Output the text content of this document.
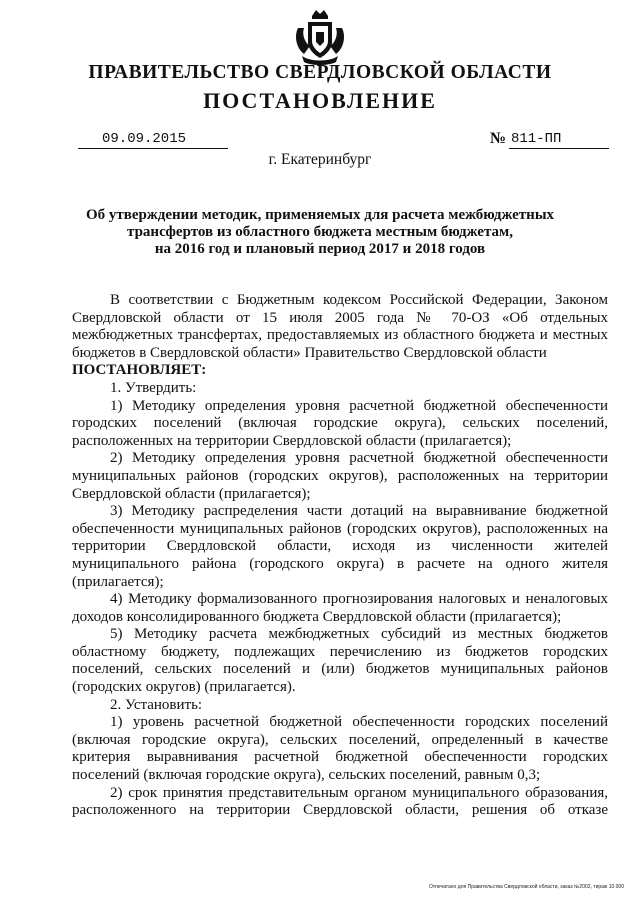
ПРАВИТЕЛЬСТВО СВЕРДЛОВСКОЙ ОБЛАСТИ
ПОСТАНОВЛЕНИЕ
09.09.2015	№ 811-ПП
г. Екатеринбург
Об утверждении методик, применяемых для расчета межбюджетных
трансфертов из областного бюджета местным бюджетам,
на 2016 год и плановый период 2017 и 2018 годов

В соответствии с Бюджетным кодексом Российской Федерации, Законом Свердловской области от 15 июля 2005 года № 70-ОЗ «Об отдельных межбюджетных трансфертах, предоставляемых из областного бюджета и местных бюджетов в Свердловской области» Правительство Свердловской области

ПОСТАНОВЛЯЕТ:

1. Утвердить:

1) Методику определения уровня расчетной бюджетной обеспеченности городских поселений (включая городские округа), сельских поселений, расположенных на территории Свердловской области (прилагается);

2) Методику определения уровня расчетной бюджетной обеспеченности муниципальных районов (городских округов), расположенных на территории Свердловской области (прилагается);

3) Методику распределения части дотаций на выравнивание бюджетной обеспеченности муниципальных районов (городских округов), расположенных на территории Свердловской области, исходя из численности жителей муниципального района (городского округа) в расчете на одного жителя (прилагается);

4) Методику формализованного прогнозирования налоговых и неналоговых доходов консолидированного бюджета Свердловской области (прилагается);

5) Методику расчета межбюджетных субсидий из местных бюджетов областному бюджету, подлежащих перечислению из бюджетов городских поселений, сельских поселений и (или) бюджетов муниципальных районов (городских округов) (прилагается).

2. Установить:

1) уровень расчетной бюджетной обеспеченности городских поселений (включая городские округа), сельских поселений, определенный в качестве критерия выравнивания расчетной бюджетной обеспеченности городских поселений (включая городские округа), сельских поселений, равным 0,3;

2) срок принятия представительным органом муниципального образования, расположенного на территории Свердловской области, решения об отказе

Отпечатано для Правительства Свердловской области, заказ №2002, тираж 10 000
